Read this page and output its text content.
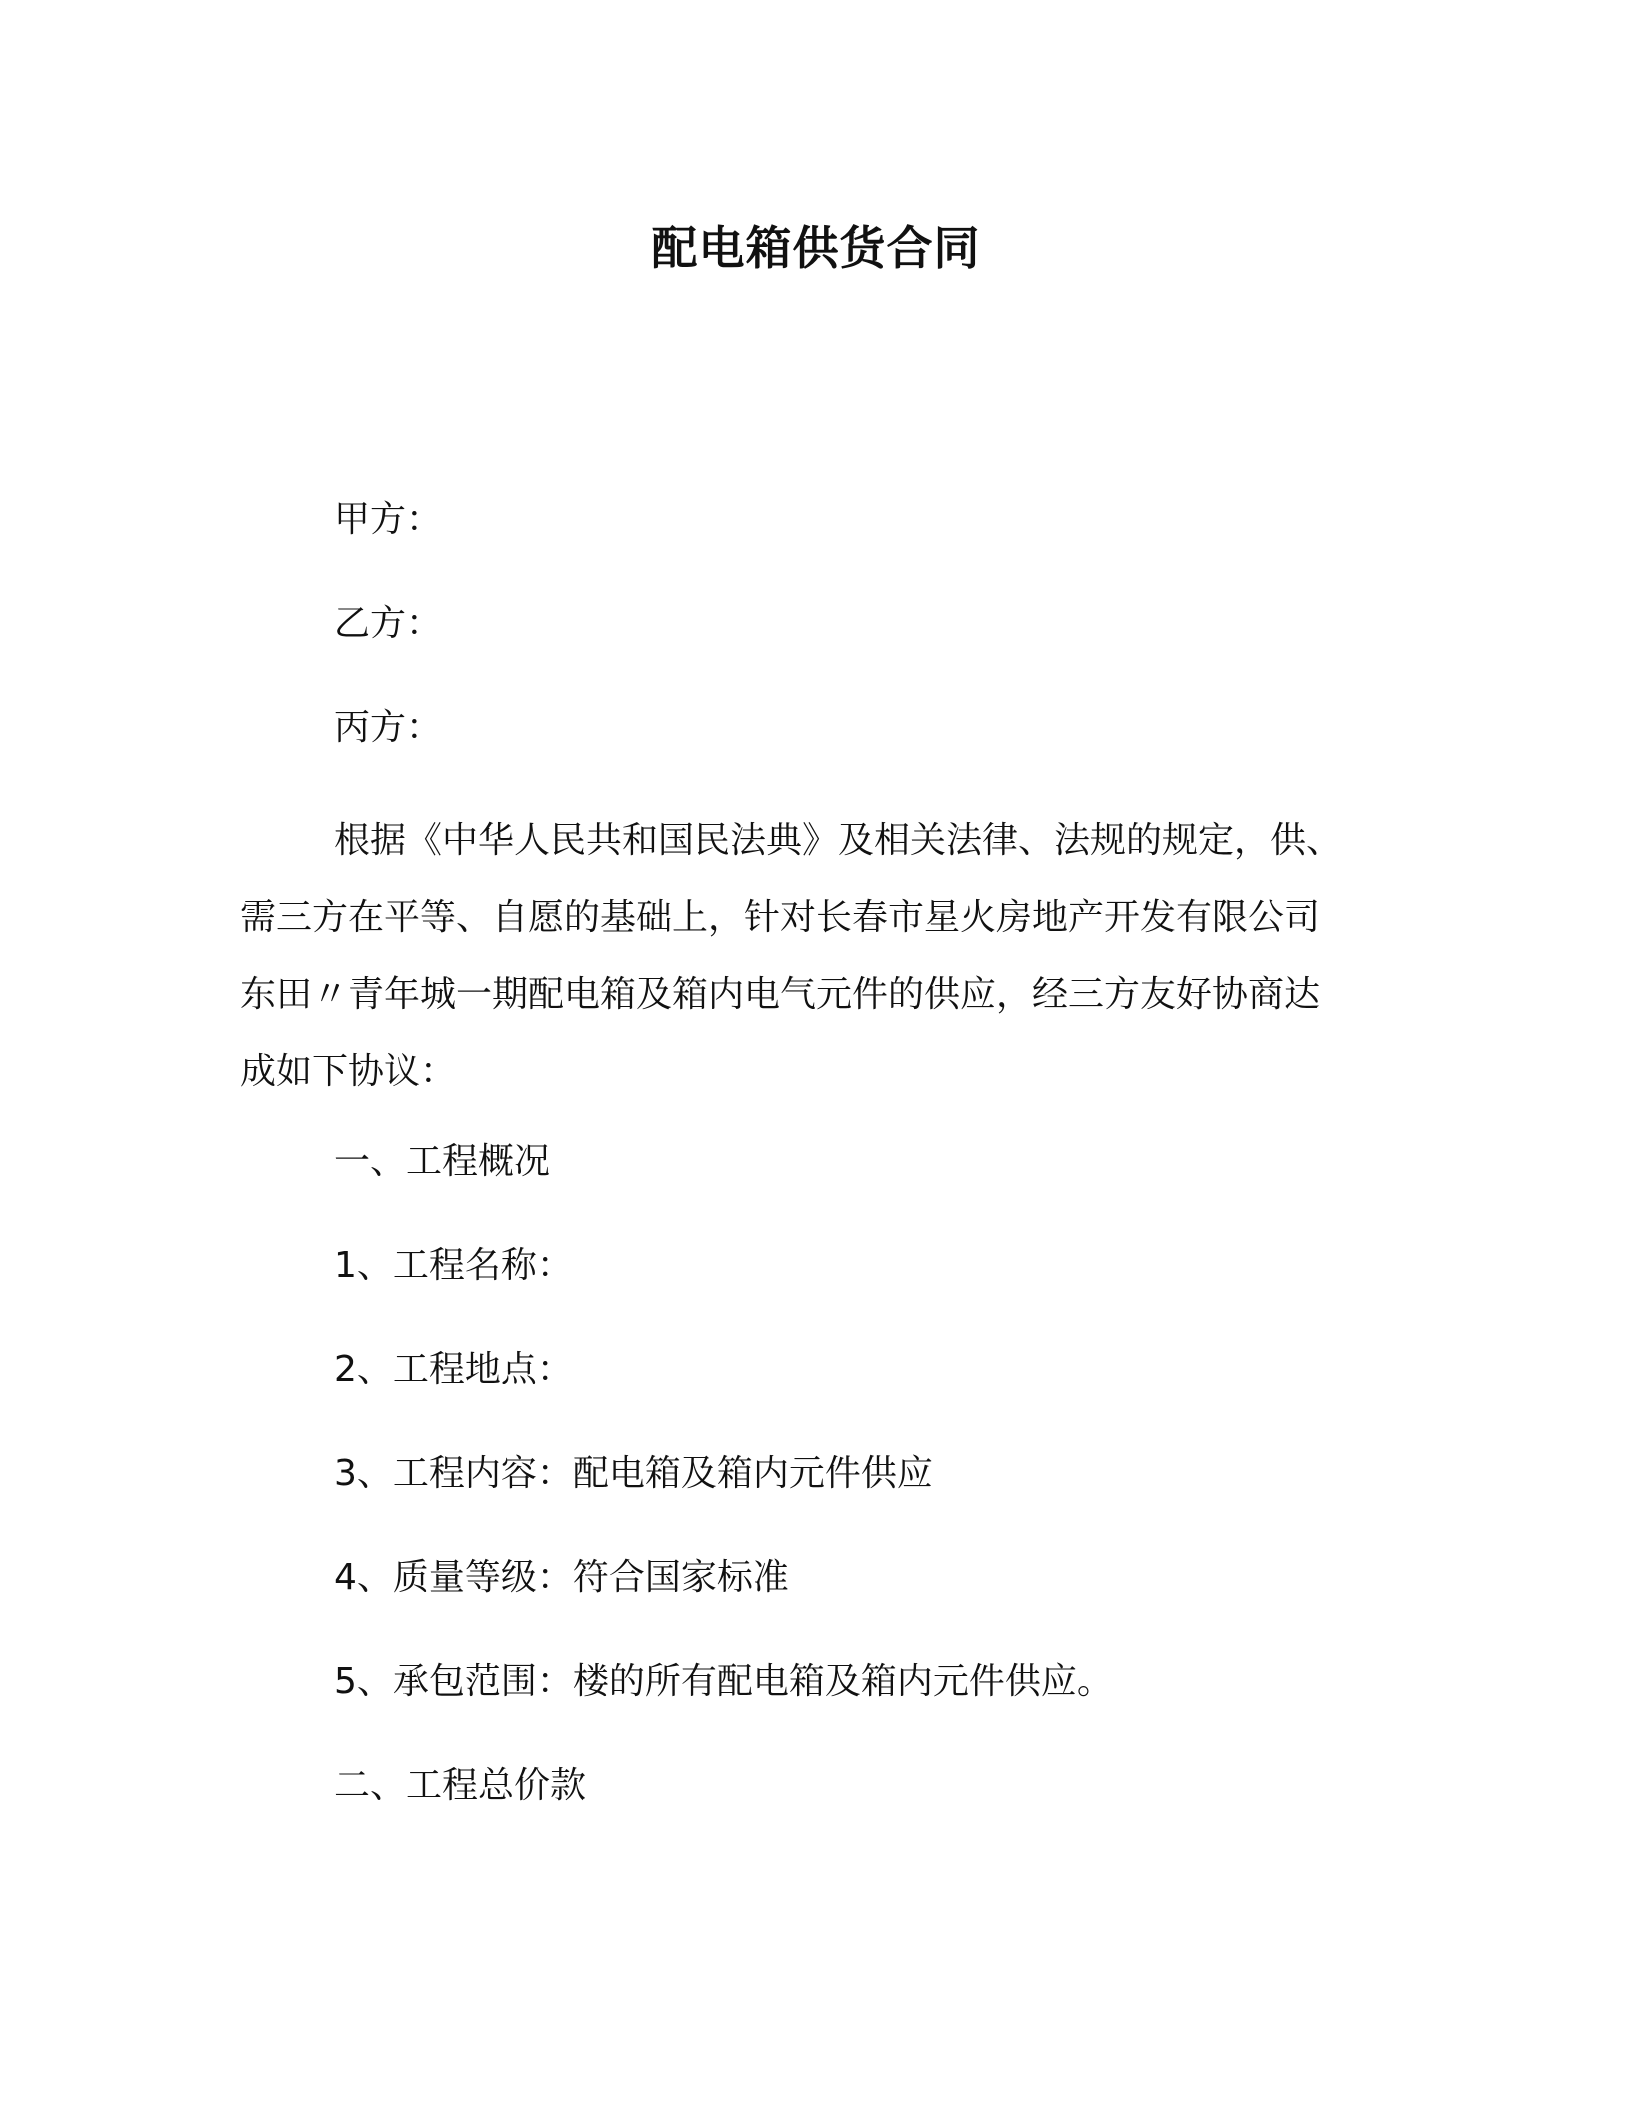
配电箱供货合同
甲方：
乙方：
丙方：
根据《中华人民共和国民法典》及相关法律、法规的规定，供、
需三方在平等、自愿的基础上，针对长春市星火房地产开发有限公司
东田〃青年城一期配电箱及箱内电气元件的供应，经三方友好协商达
成如下协议：
一、工程概况
1、工程名称：
2、工程地点：
3、工程内容：配电箱及箱内元件供应
4、质量等级：符合国家标准
5、承包范围：楼的所有配电箱及箱内元件供应。
二、工程总价款
